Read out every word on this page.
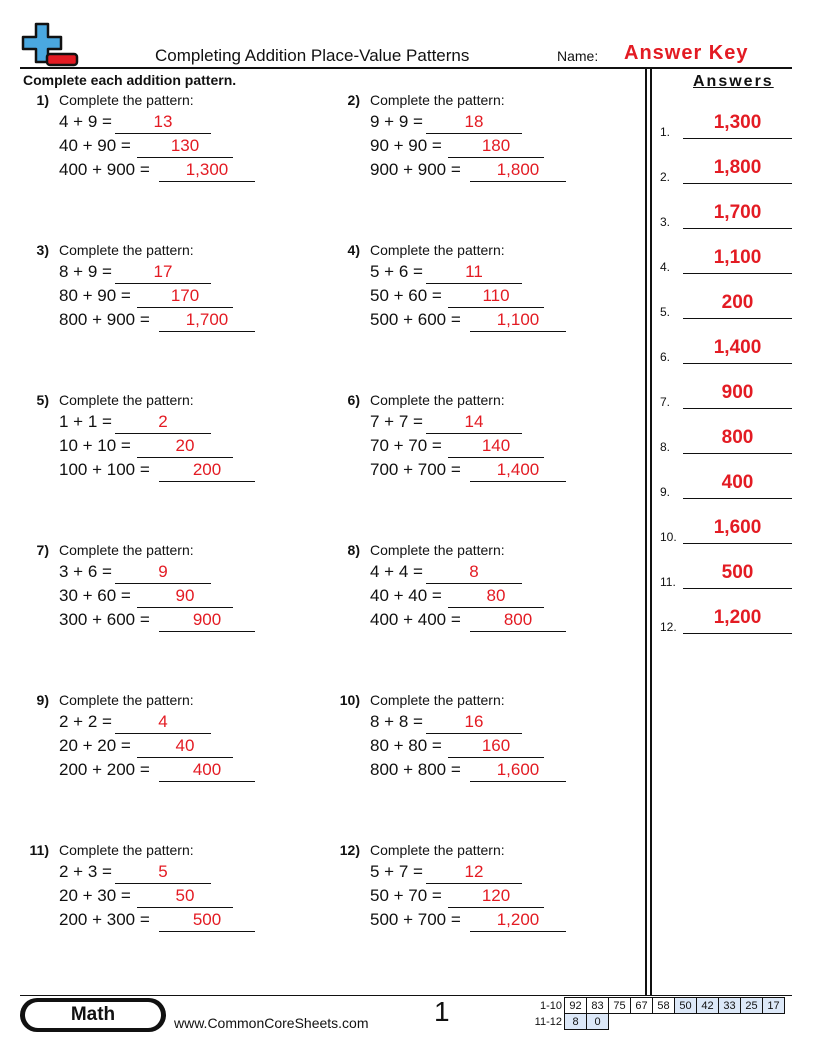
Completing Addition Place-Value Patterns	Name: Answer Key
Complete each addition pattern.
1) Complete the pattern:
4 + 9 =	13
40 + 90 =	130
400 + 900 =	1,300
2) Complete the pattern:
9 + 9 =	18
90 + 90 =	180
900 + 900 =	1,800
3) Complete the pattern:
8 + 9 =	17
80 + 90 =	170
800 + 900 =	1,700
4) Complete the pattern:
5 + 6 =	11
50 + 60 =	110
500 + 600 =	1,100
5) Complete the pattern:
1 + 1 =	2
10 + 10 =	20
100 + 100 =	200
6) Complete the pattern:
7 + 7 =	14
70 + 70 =	140
700 + 700 =	1,400
7) Complete the pattern:
3 + 6 =	9
30 + 60 =	90
300 + 600 =	900
8) Complete the pattern:
4 + 4 =	8
40 + 40 =	80
400 + 400 =	800
9) Complete the pattern:
2 + 2 =	4
20 + 20 =	40
200 + 200 =	400
10) Complete the pattern:
8 + 8 =	16
80 + 80 =	160
800 + 800 =	1,600
11) Complete the pattern:
2 + 3 =	5
20 + 30 =	50
200 + 300 =	500
12) Complete the pattern:
5 + 7 =	12
50 + 70 =	120
500 + 700 =	1,200
Answers
1.	1,300
2.	1,800
3.	1,700
4.	1,100
5.	200
6.	1,400
7.	900
8.	800
9.	400
10.	1,600
11.	500
12.	1,200
Math	www.CommonCoreSheets.com 1	1-10	92	83	75	67	58	50	42	33	25	17
11-12	8	0								
